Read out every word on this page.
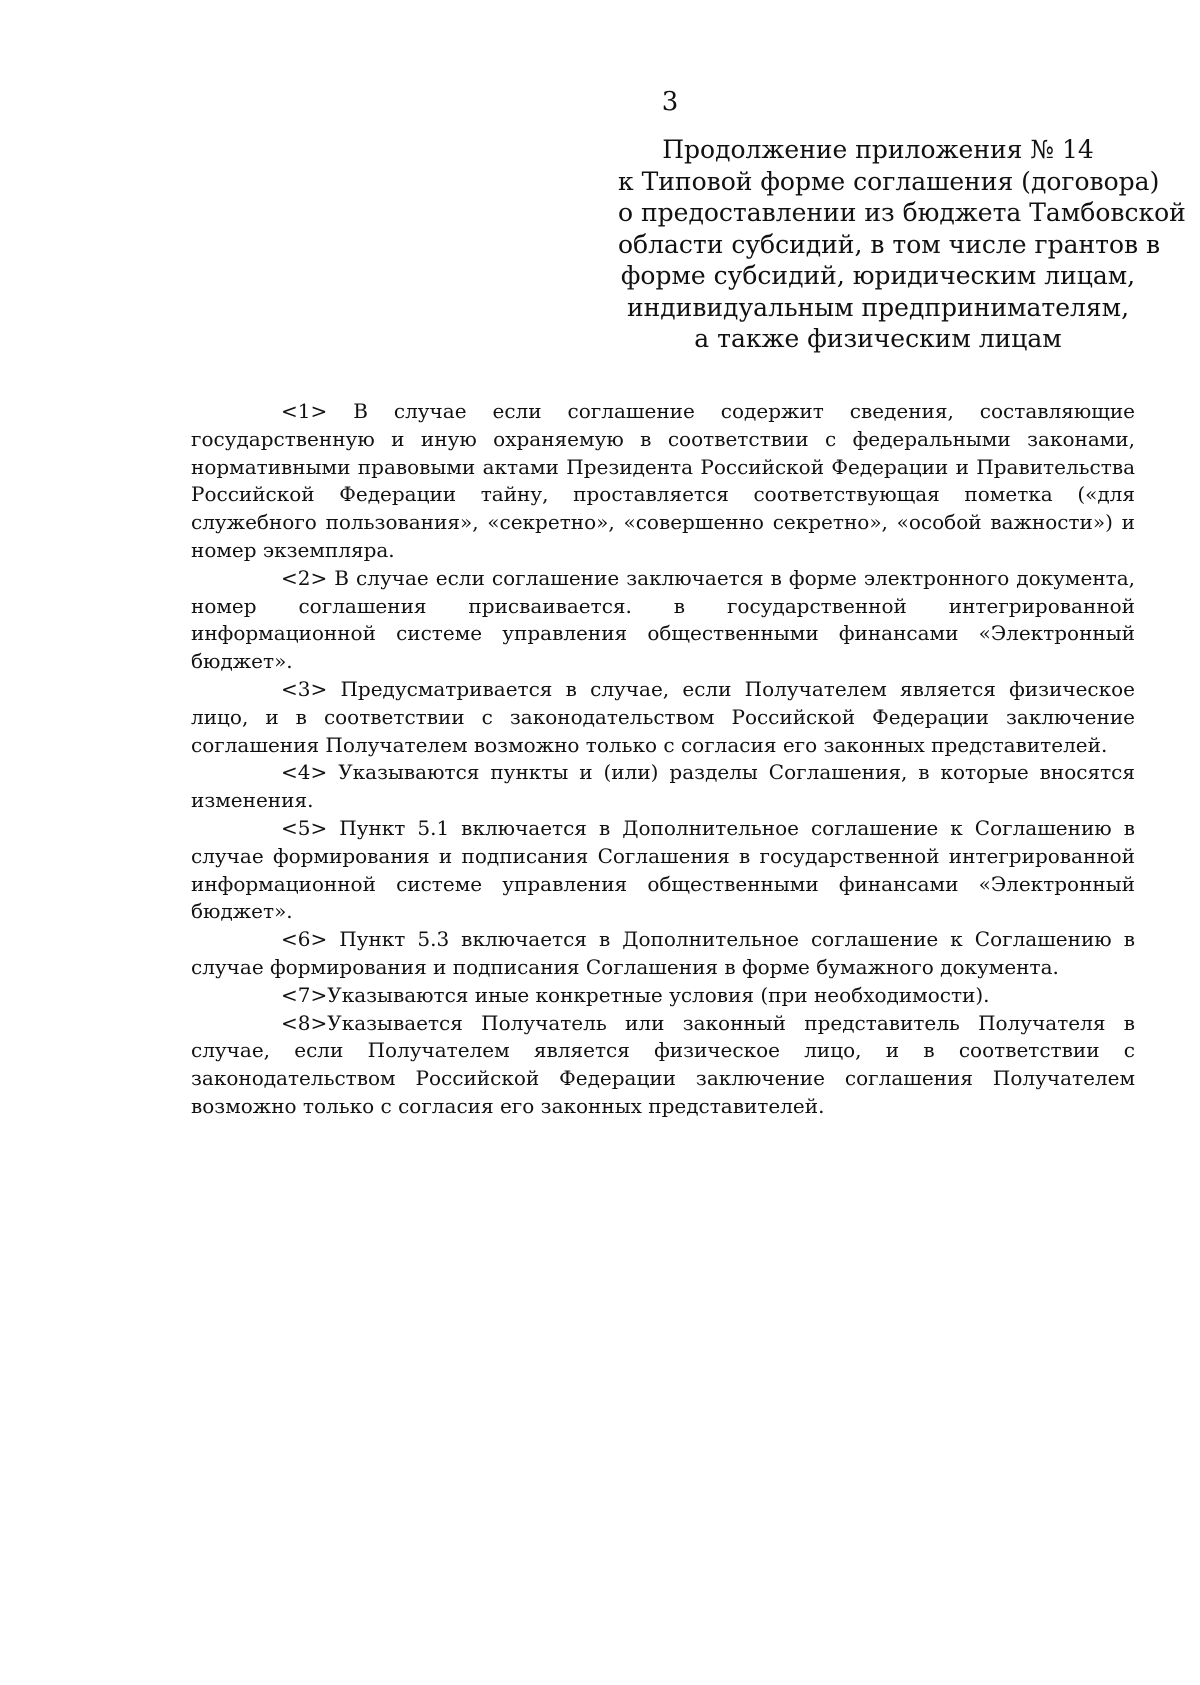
3
Продолжение приложения № 14
к Типовой форме соглашения (договора)
о предоставлении из бюджета Тамбовской
области субсидий, в том числе грантов в
форме субсидий, юридическим лицам,
индивидуальным предпринимателям,
а также физическим лицам

<1> В случае если соглашение содержит сведения, составляющие государственную и иную охраняемую в соответствии с федеральными законами, нормативными правовыми актами Президента Российской Федерации и Правительства Российской Федерации тайну, проставляется соответствующая пометка («для служебного пользования», «секретно», «совершенно секретно», «особой важности») и номер экземпляра.

<2> В случае если соглашение заключается в форме электронного документа, номер соглашения присваивается. в государственной интегрированной информационной системе управления общественными финансами «Электронный бюджет».

<3> Предусматривается в случае, если Получателем является физическое лицо, и в соответствии с законодательством Российской Федерации заключение соглашения Получателем возможно только с согласия его законных представителей.

<4> Указываются пункты и (или) разделы Соглашения, в которые вносятся изменения.

<5> Пункт 5.1 включается в Дополнительное соглашение к Соглашению в случае формирования и подписания Соглашения в государственной интегрированной информационной системе управления общественными финансами «Электронный бюджет».

<6> Пункт 5.3 включается в Дополнительное соглашение к Соглашению в случае формирования и подписания Соглашения в форме бумажного документа.

<7>Указываются иные конкретные условия (при необходимости).

<8>Указывается Получатель или законный представитель Получателя в случае, если Получателем является физическое лицо, и в соответствии с законодательством Российской Федерации заключение соглашения Получателем возможно только с согласия его законных представителей.
